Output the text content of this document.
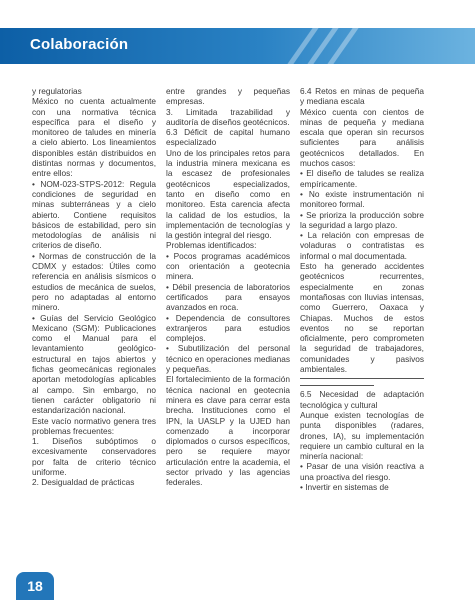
Colaboración

y regulatorias

México no cuenta actualmente con una normativa técnica específica para el diseño y monitoreo de taludes en minería a cielo abierto. Los lineamientos disponibles están distribuidos en distintas normas y documentos, entre ellos:

• NOM-023-STPS-2012: Regula condiciones de seguridad en minas subterráneas y a cielo abierto. Contiene requisitos básicos de estabilidad, pero sin metodologías de análisis ni criterios de diseño.

• Normas de construcción de la CDMX y estados: Útiles como referencia en análisis sísmicos o estudios de mecánica de suelos, pero no adaptadas al entorno minero.

• Guías del Servicio Geológico Mexicano (SGM): Publicaciones como el Manual para el levantamiento geológico-estructural en tajos abiertos y fichas geomecánicas regionales aportan metodologías aplicables al campo. Sin embargo, no tienen carácter obligatorio ni estandarización nacional.

Este vacío normativo genera tres problemas frecuentes:

1. Diseños subóptimos o excesivamente conservadores por falta de criterio técnico uniforme.

2. Desigualdad de prácticas

entre grandes y pequeñas empresas.

3. Limitada trazabilidad y auditoría de diseños geotécnicos.

6.3 Déficit de capital humano especializado

Uno de los principales retos para la industria minera mexicana es la escasez de profesionales geotécnicos especializados, tanto en diseño como en monitoreo. Esta carencia afecta la calidad de los estudios, la implementación de tecnologías y la gestión integral del riesgo.

Problemas identificados:

• Pocos programas académicos con orientación a geotecnia minera.

• Débil presencia de laboratorios certificados para ensayos avanzados en roca.

• Dependencia de consultores extranjeros para estudios complejos.

• Subutilización del personal técnico en operaciones medianas y pequeñas.

El fortalecimiento de la formación técnica nacional en geotecnia minera es clave para cerrar esta brecha. Instituciones como el IPN, la UASLP y la UJED han comenzado a incorporar diplomados o cursos específicos, pero se requiere mayor articulación entre la academia, el sector privado y las agencias federales.

6.4 Retos en minas de pequeña y mediana escala

México cuenta con cientos de minas de pequeña y mediana escala que operan sin recursos suficientes para análisis geotécnicos detallados. En muchos casos:

• El diseño de taludes se realiza empíricamente.

• No existe instrumentación ni monitoreo formal.

• Se prioriza la producción sobre la seguridad a largo plazo.

• La relación con empresas de voladuras o contratistas es informal o mal documentada.

Esto ha generado accidentes geotécnicos recurrentes, especialmente en zonas montañosas con lluvias intensas, como Guerrero, Oaxaca y Chiapas. Muchos de estos eventos no se reportan oficialmente, pero comprometen la seguridad de trabajadores, comunidades y pasivos ambientales.

6.5 Necesidad de adaptación tecnológica y cultural

Aunque existen tecnologías de punta disponibles (radares, drones, IA), su implementación requiere un cambio cultural en la minería nacional:

• Pasar de una visión reactiva a una proactiva del riesgo.

• Invertir en sistemas de

18
